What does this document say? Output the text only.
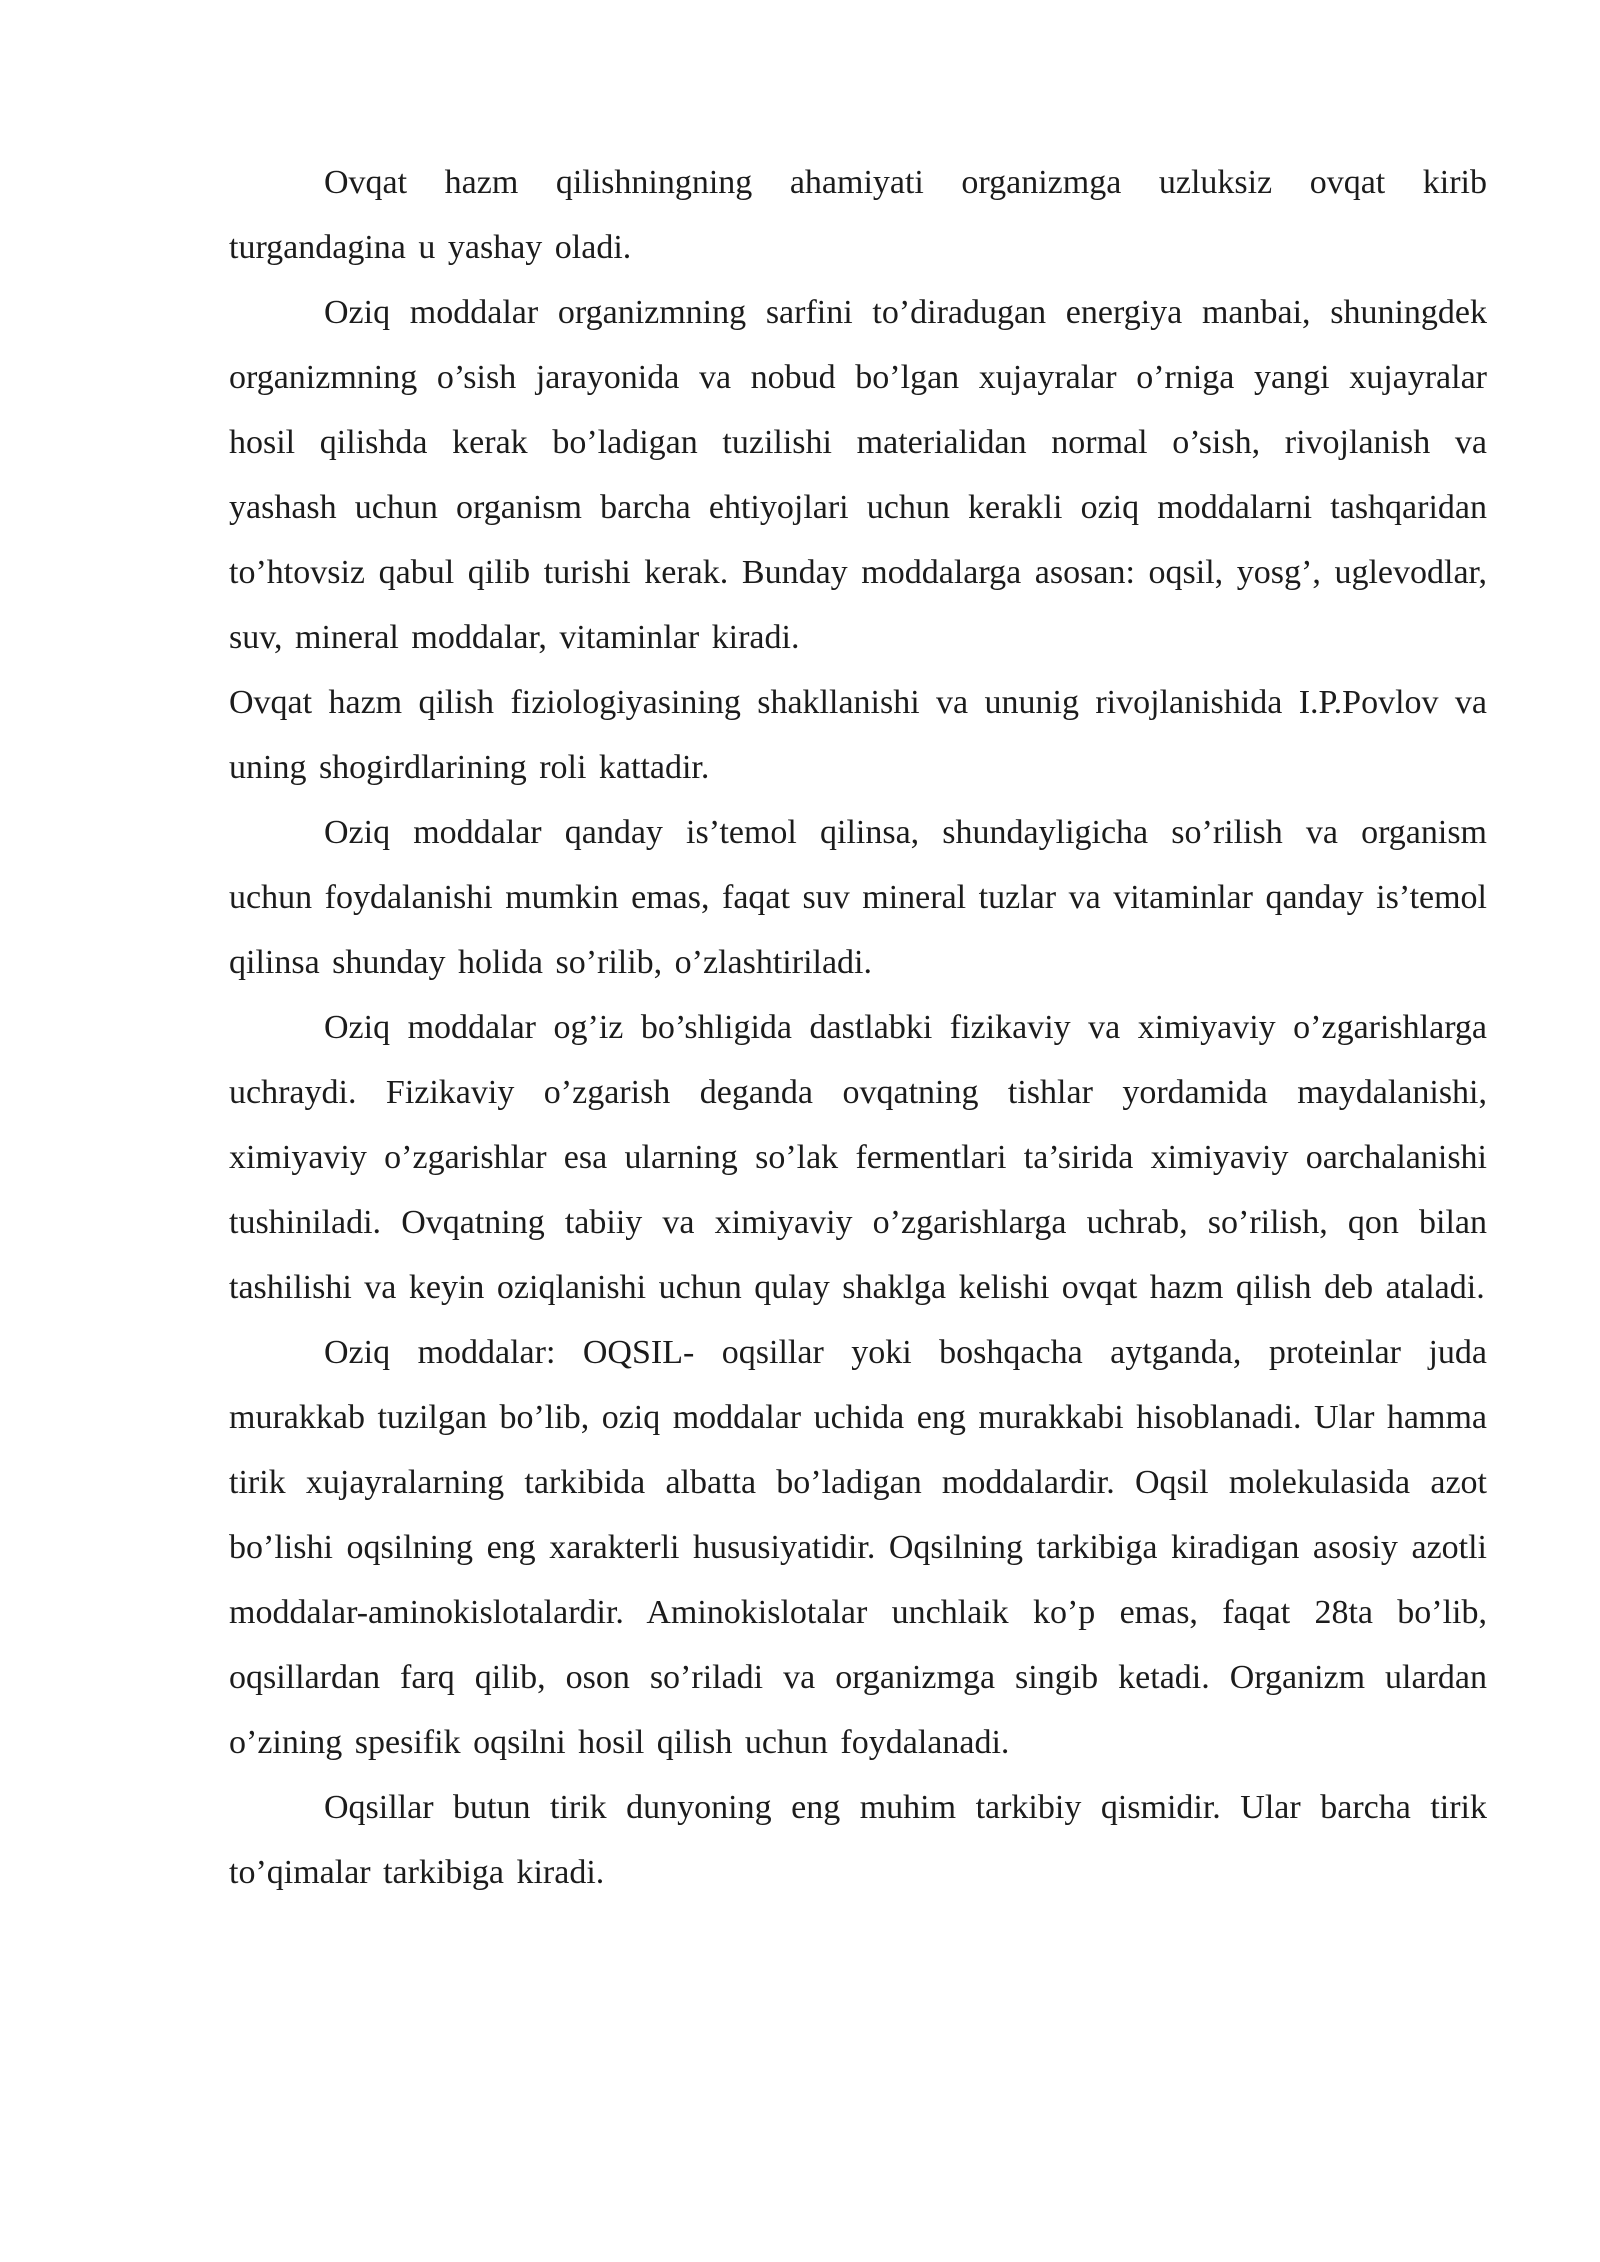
Ovqat hazm qilishningning ahamiyati organizmga uzluksiz ovqat kirib turgandagina u yashay oladi.

Oziq moddalar organizmning sarfini to’diradugan energiya manbai, shuningdek organizmning o’sish jarayonida va nobud bo’lgan xujayralar o’rniga yangi xujayralar hosil qilishda kerak bo’ladigan tuzilishi materialidan normal o’sish, rivojlanish va yashash uchun organism barcha ehtiyojlari uchun kerakli oziq moddalarni tashqaridan to’htovsiz qabul qilib turishi kerak. Bunday moddalarga asosan: oqsil, yosg’, uglevodlar, suv, mineral moddalar, vitaminlar kiradi.

Ovqat hazm qilish fiziologiyasining shakllanishi va ununig rivojlanishida I.P.Povlov va uning shogirdlarining roli kattadir.

Oziq moddalar qanday is’temol qilinsa, shundayligicha so’rilish va organism uchun foydalanishi mumkin emas, faqat suv mineral tuzlar va vitaminlar qanday is’temol qilinsa shunday holida so’rilib, o’zlashtiriladi.

Oziq moddalar og’iz bo’shligida dastlabki fizikaviy va ximiyaviy o’zgarishlarga uchraydi. Fizikaviy o’zgarish deganda ovqatning tishlar yordamida maydalanishi, ximiyaviy o’zgarishlar esa ularning so’lak fermentlari ta’sirida ximiyaviy oarchalanishi tushiniladi. Ovqatning tabiiy va ximiyaviy o’zgarishlarga uchrab, so’rilish, qon bilan tashilishi va keyin oziqlanishi uchun qulay shaklga kelishi ovqat hazm qilish deb ataladi.

Oziq moddalar: OQSIL- oqsillar yoki boshqacha aytganda, proteinlar juda murakkab tuzilgan bo’lib, oziq moddalar uchida eng murakkabi hisoblanadi. Ular hamma tirik xujayralarning tarkibida albatta bo’ladigan moddalardir. Oqsil molekulasida azot bo’lishi oqsilning eng xarakterli hususiyatidir. Oqsilning tarkibiga kiradigan asosiy azotli moddalar-aminokislotalardir. Aminokislotalar unchlaik ko’p emas, faqat 28ta bo’lib, oqsillardan farq qilib, oson so’riladi va organizmga singib ketadi. Organizm ulardan o’zining spesifik oqsilni hosil qilish uchun foydalanadi.

Oqsillar butun tirik dunyoning eng muhim tarkibiy qismidir. Ular barcha tirik to’qimalar tarkibiga kiradi.
